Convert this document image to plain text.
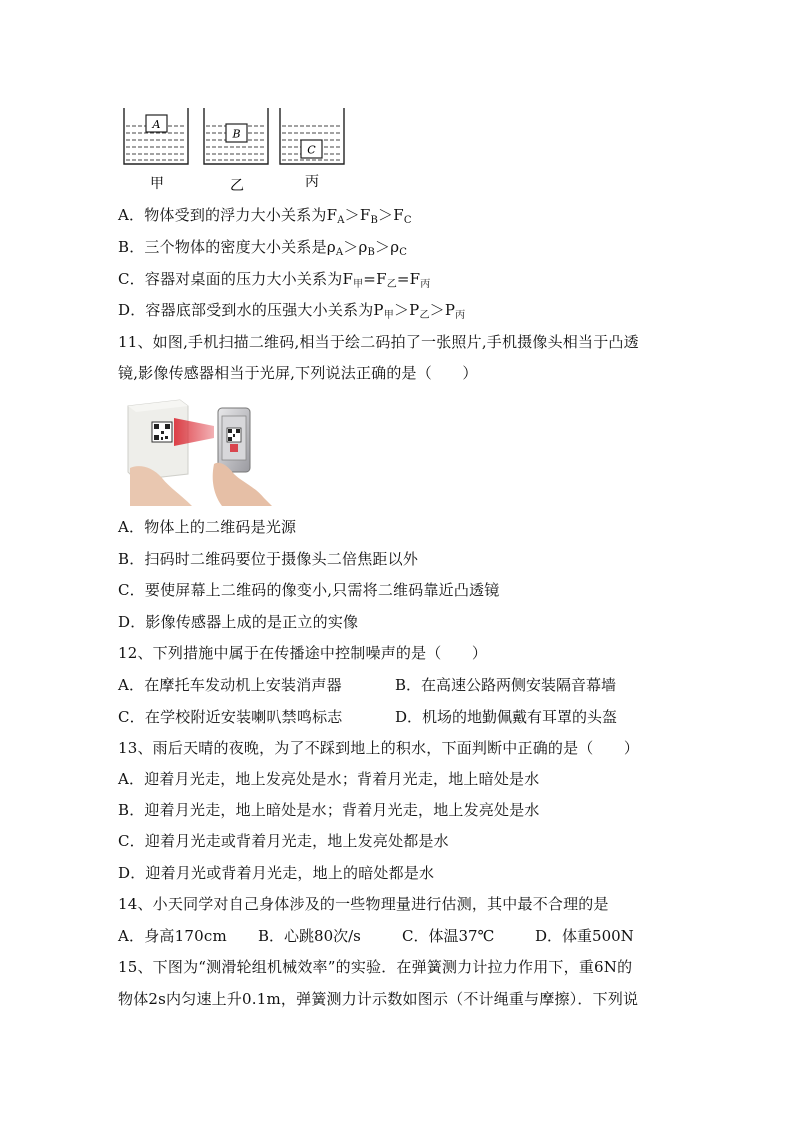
A
B
C
甲	乙	丙
A．物体受到的浮力大小关系为$F_A>F_B>F_C$
B．三个物体的密度大小关系是$\rho_A>\rho_B>\rho_C$
C．容器对桌面的压力大小关系为$F_甲=F_乙=F_丙$
D．容器底部受到水的压强大小关系为$P_甲>P_乙>P_丙$
11、如图,手机扫描二维码,相当于绘二码拍了一张照片,手机摄像头相当于凸透
镜,影像传感器相当于光屏,下列说法正确的是（　　）
A．物体上的二维码是光源
B．扫码时二维码要位于摄像头二倍焦距以外
C．要使屏幕上二维码的像变小,只需将二维码靠近凸透镜
D．影像传感器上成的是正立的实像
12、下列措施中属于在传播途中控制噪声的是（　　）
A．在摩托车发动机上安装消声器	B．在高速公路两侧安装隔音幕墙
C．在学校附近安装喇叭禁鸣标志	D．机场的地勤佩戴有耳罩的头盔
13、雨后天晴的夜晚，为了不踩到地上的积水，下面判断中正确的是（　　）
A．迎着月光走，地上发亮处是水；背着月光走，地上暗处是水
B．迎着月光走，地上暗处是水；背着月光走，地上发亮处是水
C．迎着月光走或背着月光走，地上发亮处都是水
D．迎着月光或背着月光走，地上的暗处都是水
14、小天同学对自己身体涉及的一些物理量进行估测，其中最不合理的是
A．身高170cm B．心跳80次/s	C．体温37℃	D．体重500N
15、下图为“测滑轮组机械效率”的实验．在弹簧测力计拉力作用下，重6N的
物体2s内匀速上升0.1m，弹簧测力计示数如图示（不计绳重与摩擦）．下列说
